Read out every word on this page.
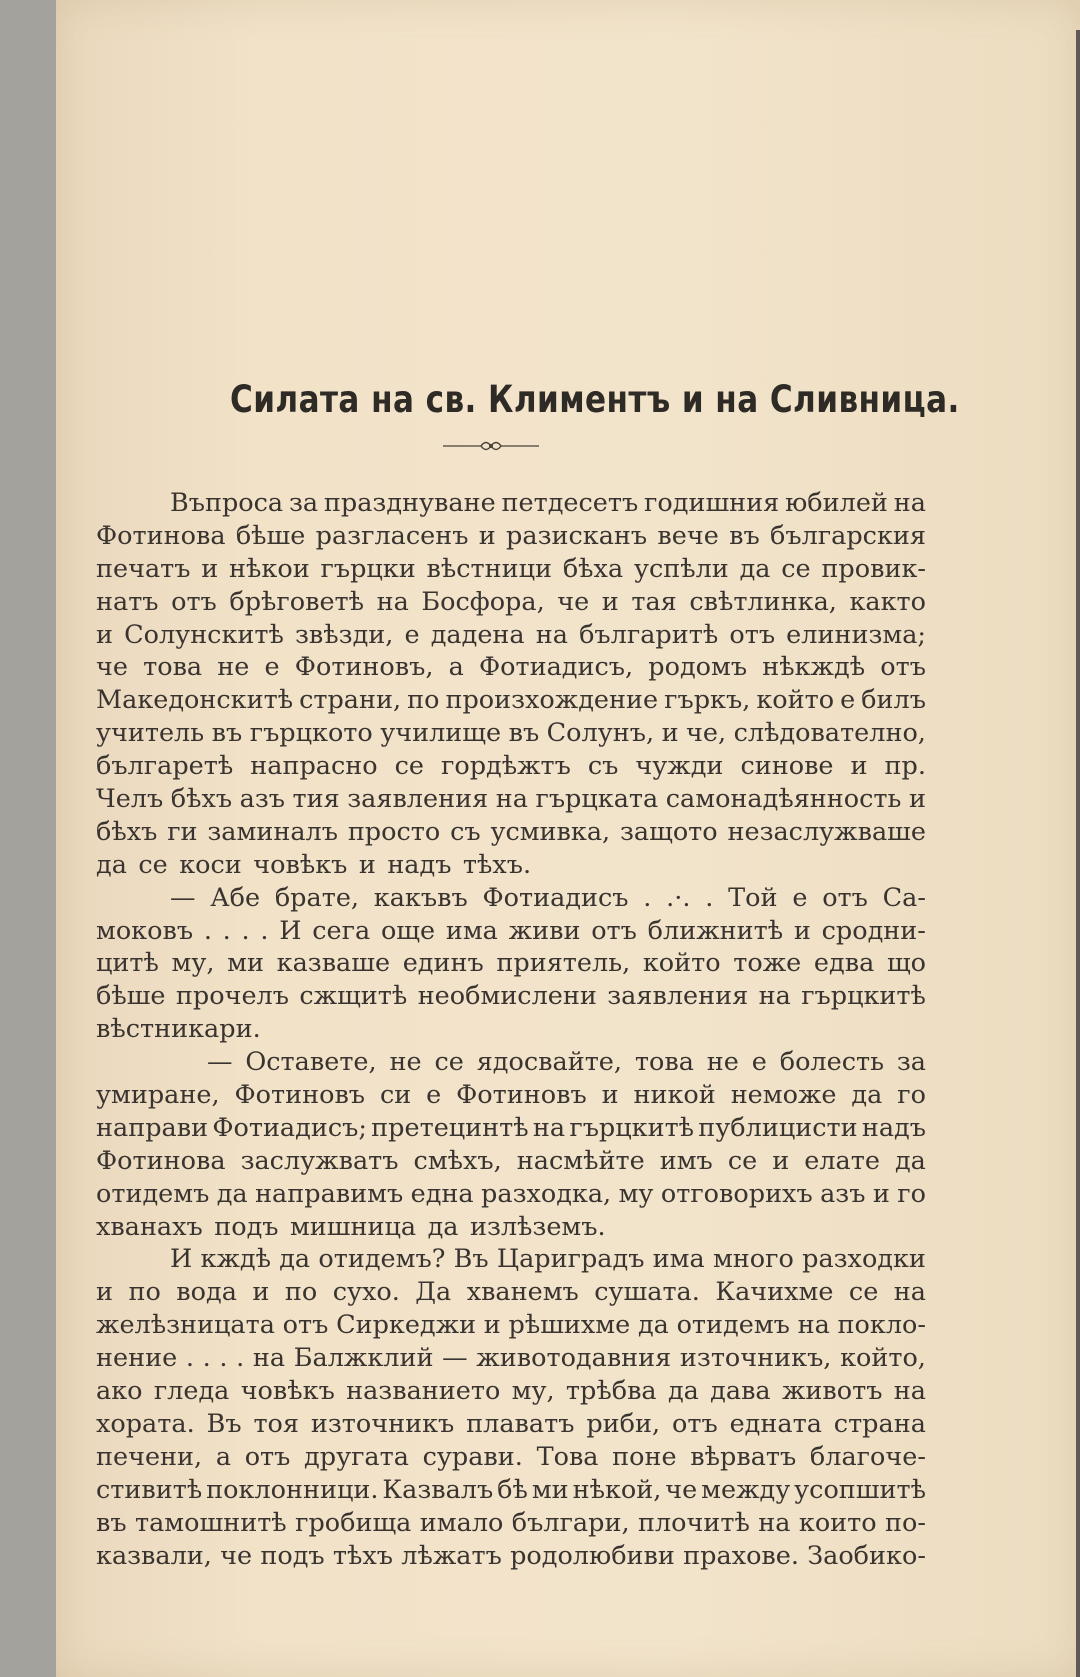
Силата на св. Климентъ и на Сливница.
Въпроса за празднуване петдесетъ годишния юбилей на
Фотинова бѣше разгласенъ и разисканъ вече въ българския
печатъ и нѣкои гърцки вѣстници бѣха успѣли да се провик-
натъ отъ брѣговетѣ на Босфора, че и тая свѣтлинка, както
и Солунскитѣ звѣзди, е дадена на българитѣ отъ елинизма;
че това не е Фотиновъ, а Фотиадисъ, родомъ нѣкждѣ отъ
Македонскитѣ страни, по произхождение гъркъ, който е билъ
учитель въ гърцкото училище въ Солунъ, и че, слѣдователно,
българетѣ напрасно се гордѣжтъ съ чужди синове и пр.
Челъ бѣхъ азъ тия заявления на гърцката самонадѣянность и
бѣхъ ги заминалъ просто съ усмивка, защото незаслужваше
да се коси човѣкъ и надъ тѣхъ.
— Абе брате, какъвъ Фотиадисъ . .·. . Той е отъ Са-
моковъ . . . . И сега още има живи отъ ближнитѣ и сродни-
цитѣ му, ми казваше единъ приятель, който тоже едва що
бѣше прочелъ сжщитѣ необмислени заявления на гърцкитѣ
вѣстникари.
— Оставете, не се ядосвайте, това не е болесть за
умиране, Фотиновъ си е Фотиновъ и никой неможе да го
направи Фотиадисъ; претецинтѣ на гърцкитѣ публицисти надъ
Фотинова заслужватъ смѣхъ, насмѣйте имъ се и елате да
отидемъ да направимъ една разходка, му отговорихъ азъ и го
хванахъ подъ мишница да излѣземъ.
И кждѣ да отидемъ? Въ Цариградъ има много разходки
и по вода и по сухо. Да хванемъ сушата. Качихме се на
желѣзницата отъ Сиркеджи и рѣшихме да отидемъ на покло-
нение . . . . на Балжклий — животодавния източникъ, който,
ако гледа човѣкъ названието му, трѣбва да дава животъ на
хората. Въ тоя източникъ плаватъ риби, отъ едната страна
печени, а отъ другата сурави. Това поне вѣрватъ благоче-
стивитѣ поклонници. Казвалъ бѣ ми нѣкой, че между усопшитѣ
въ тамошнитѣ гробища имало българи, плочитѣ на които по-
казвали, че подъ тѣхъ лѣжатъ родолюбиви прахове. Заобико-
